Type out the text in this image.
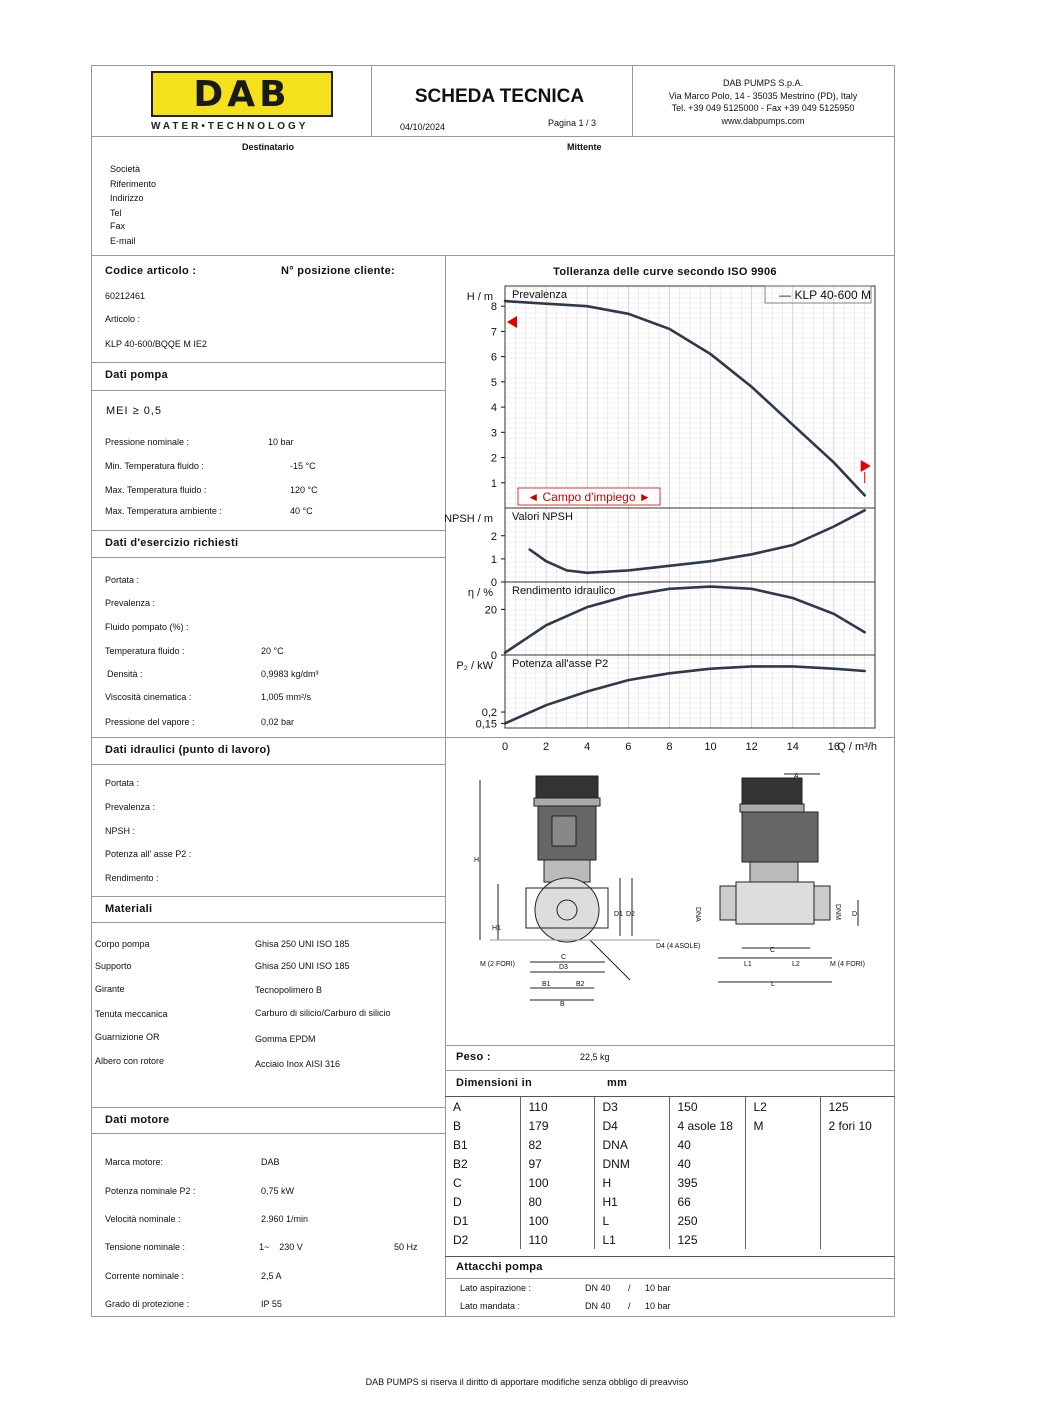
DAB
WATER•TECHNOLOGY
SCHEDA TECNICA
04/10/2024	Pagina 1 / 3
DAB PUMPS S.p.A.
Via Marco Polo, 14 - 35035 Mestrino (PD), Italy
Tel. +39 049 5125000 - Fax +39 049 5125950
www.dabpumps.com
Destinatario	Mittente
Società
Riferimento
Indirizzo
Tel
Fax
E-mail
Codice articolo :	N° posizione cliente:
60212461
Articolo :
KLP 40-600/BQQE M IE2
Dati pompa
MEI ≥ 0,5
Pressione nominale :	10 bar
Min. Temperatura fluido :	-15 °C
Max. Temperatura fluido :	120 °C
Max. Temperatura ambiente :	40 °C
Dati d'esercizio richiesti
Portata :
Prevalenza :
Fluido pompato (%) :
Temperatura fluido :	20 °C
Densità :	0,9983 kg/dm³
Viscosità cinematica :	1,005 mm²/s
Pressione del vapore :	0,02 bar
Dati idraulici (punto di lavoro)
Portata :
Prevalenza :
NPSH :
Potenza all' asse P2 :
Rendimento :
Materiali
Corpo pompa	Ghisa 250 UNI ISO 185
Supporto	Ghisa 250 UNI ISO 185
Girante	Tecnopolimero B
Tenuta meccanica	Carburo di silicio/Carburo di silicio
Guarnizione OR	Gomma EPDM
Albero con rotore	Acciaio Inox AISI 316
Dati motore
Marca motore:	DAB
Potenza nominale P2 :	0,75 kW
Velocità nominale :	2.960 1/min
Tensione nominale :	1~    230 V	50 Hz
Corrente nominale :	2,5 A
Grado di protezione :	IP 55
Tolleranza delle curve secondo ISO 9906
1
2
3
4
5
6
7
8
Prevalenza
H / m
0
1
2
Valori NPSH
NPSH / m
0
20
Rendimento idraulico
η / %
0,15
0,2
Potenza all'asse P2
P₂ / kW
0	2	4	6	8	10	12	14	16
Q / m³/h
— KLP 40-600 M
◄ Campo d'impiego ►
H
H1
D1 D2
C
D3
B1	B2
B
M (2 FORI)
D4 (4 ASOLE)
A
DNA	DNM D
C
L1	L2
L
M (4 FORI)
Peso :	22,5 kg
Dimensioni in	mm
A	110	D3	150	L2	125
B	179	D4	4 asole 18	M	2 fori 10
B1	82	DNA	40		
B2	97	DNM	40		
C	100	H	395		
D	80	H1	66		
D1	100	L	250		
D2	110	L1	125		
Attacchi pompa
Lato aspirazione :	DN 40 / 10 bar
Lato mandata :	DN 40 / 10 bar
DAB PUMPS si riserva il diritto di apportare modifiche senza obbligo di preavviso
